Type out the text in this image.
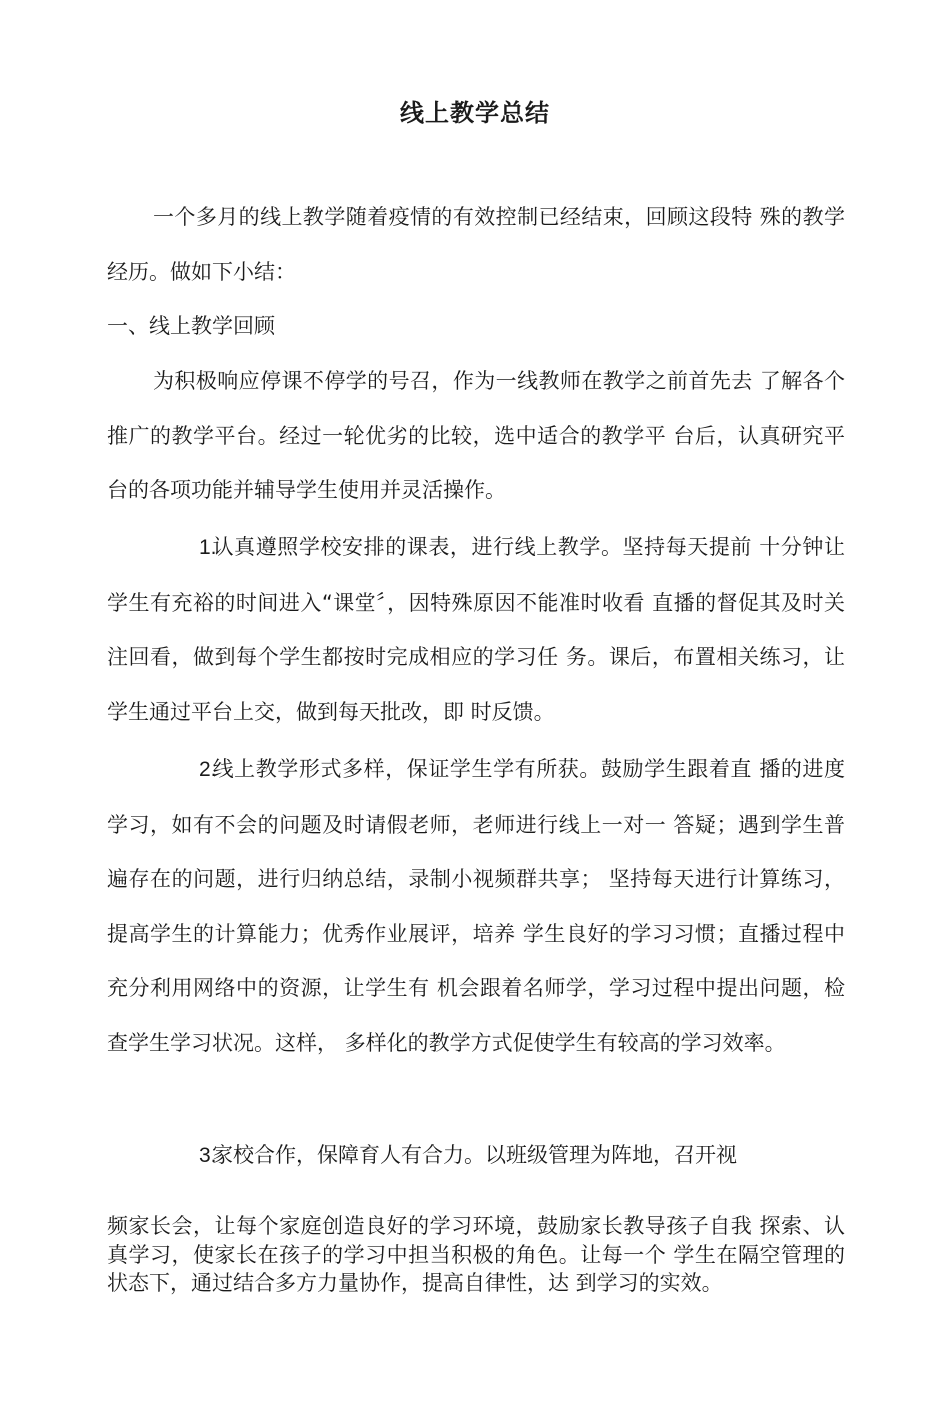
线上教学总结

一个多月的线上教学随着疫情的有效控制已经结束，回顾这段特 殊的教学经历。做如下小结：

一、线上教学回顾

为积极响应停课不停学的号召，作为一线教师在教学之前首先去 了解各个推广的教学平台。经过一轮优劣的比较，选中适合的教学平 台后，认真研究平台的各项功能并辅导学生使用并灵活操作。

1.认真遵照学校安排的课表，进行线上教学。坚持每天提前 十分钟让学生有充裕的时间进入“课堂〞，因特殊原因不能准时收看 直播的督促其及时关注回看，做到每个学生都按时完成相应的学习任 务。课后，布置相关练习，让学生通过平台上交，做到每天批改，即 时反馈。

2.线上教学形式多样，保证学生学有所获。鼓励学生跟着直 播的进度学习，如有不会的问题及时请假老师，老师进行线上一对一 答疑；遇到学生普遍存在的问题，进行归纳总结，录制小视频群共享； 坚持每天进行计算练习，提高学生的计算能力；优秀作业展评，培养 学生良好的学习习惯；直播过程中充分利用网络中的资源，让学生有 机会跟着名师学，学习过程中提出问题，检查学生学习状况。这样， 多样化的教学方式促使学生有较高的学习效率。

3.家校合作，保障育人有合力。以班级管理为阵地，召开视

频家长会，让每个家庭创造良好的学习环境，鼓励家长教导孩子自我 探索、认真学习，使家长在孩子的学习中担当积极的角色。让每一个 学生在隔空管理的状态下，通过结合多方力量协作，提高自律性，达 到学习的实效。
